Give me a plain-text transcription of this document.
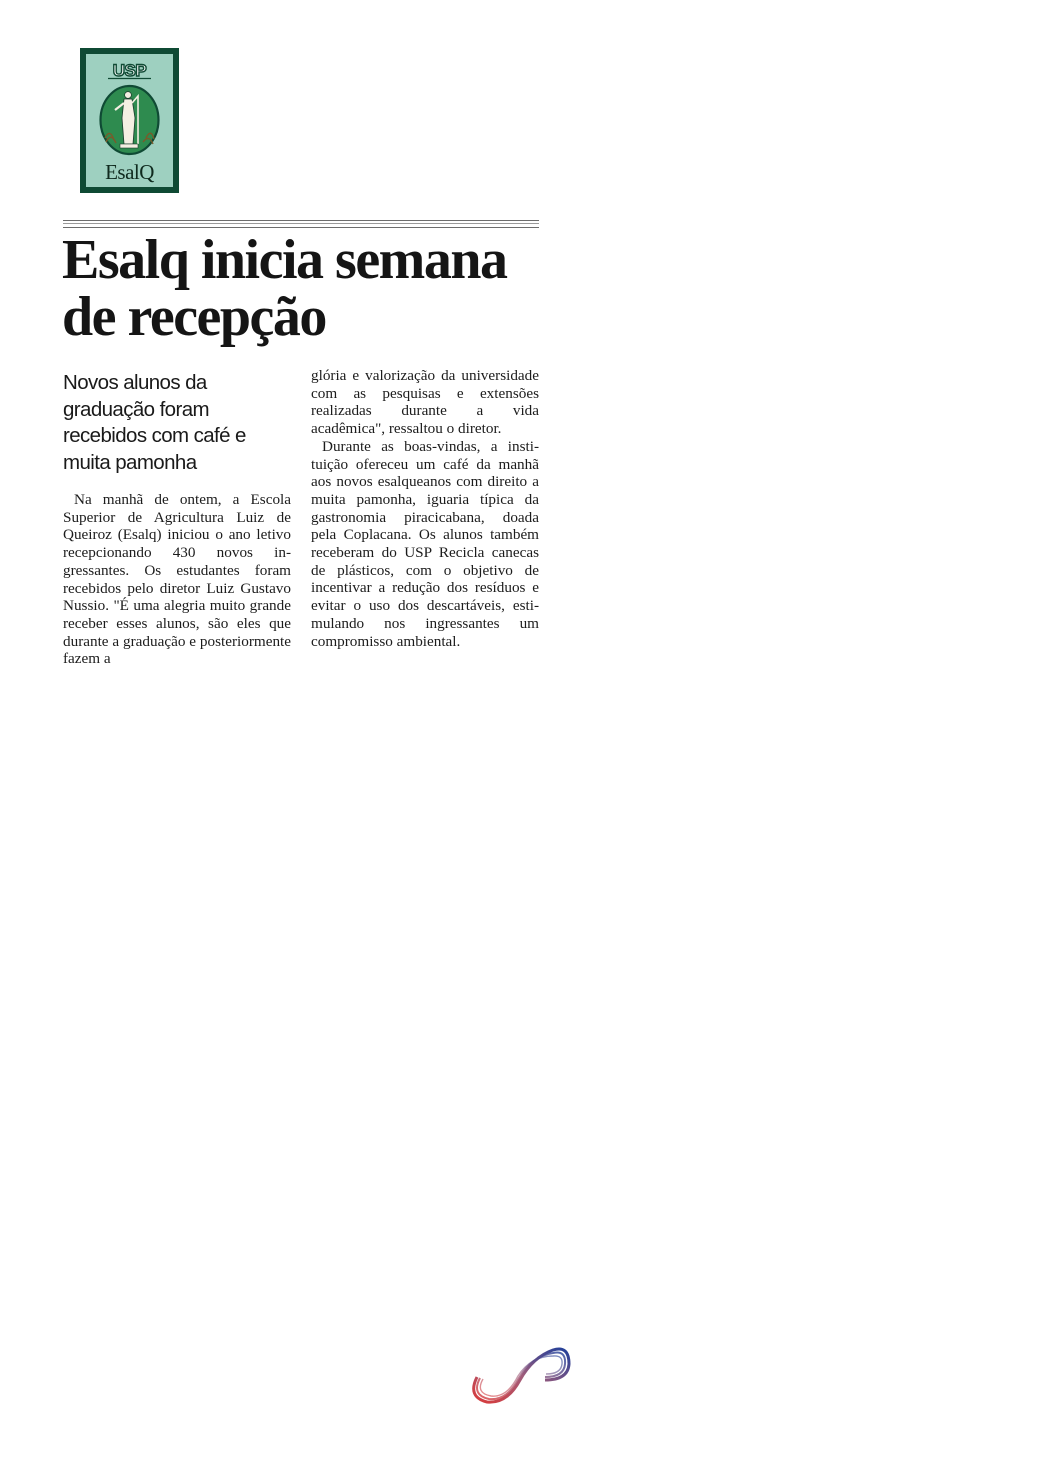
USP
EsalQ
Esalq inicia semana de recepção
Novos alunos da graduação foram recebidos com café e muita pamonha

Na manhã de ontem, a Escola Superior de Agricultura Luiz de Queiroz (Esalq) iniciou o ano letivo recepcionando 430 novos ingressantes. Os estudantes foram recebidos pelo diretor Luiz Gustavo Nussio. "É uma alegria muito grande receber esses alunos, são eles que durante a graduação e posteriormente fazem a

glória e valorização da universidade com as pesquisas e extensões realizadas durante a vida acadêmica", ressaltou o diretor.

Durante as boas-vindas, a instituição ofereceu um café da manhã aos novos esalqueanos com direito a muita pamonha, iguaria típica da gastronomia piracicabana, doada pela Coplacana. Os alunos também receberam do USP Recicla canecas de plásticos, com o objetivo de incentivar a redução dos resíduos e evitar o uso dos descartáveis, estimulando nos ingressantes um compromisso ambiental.
